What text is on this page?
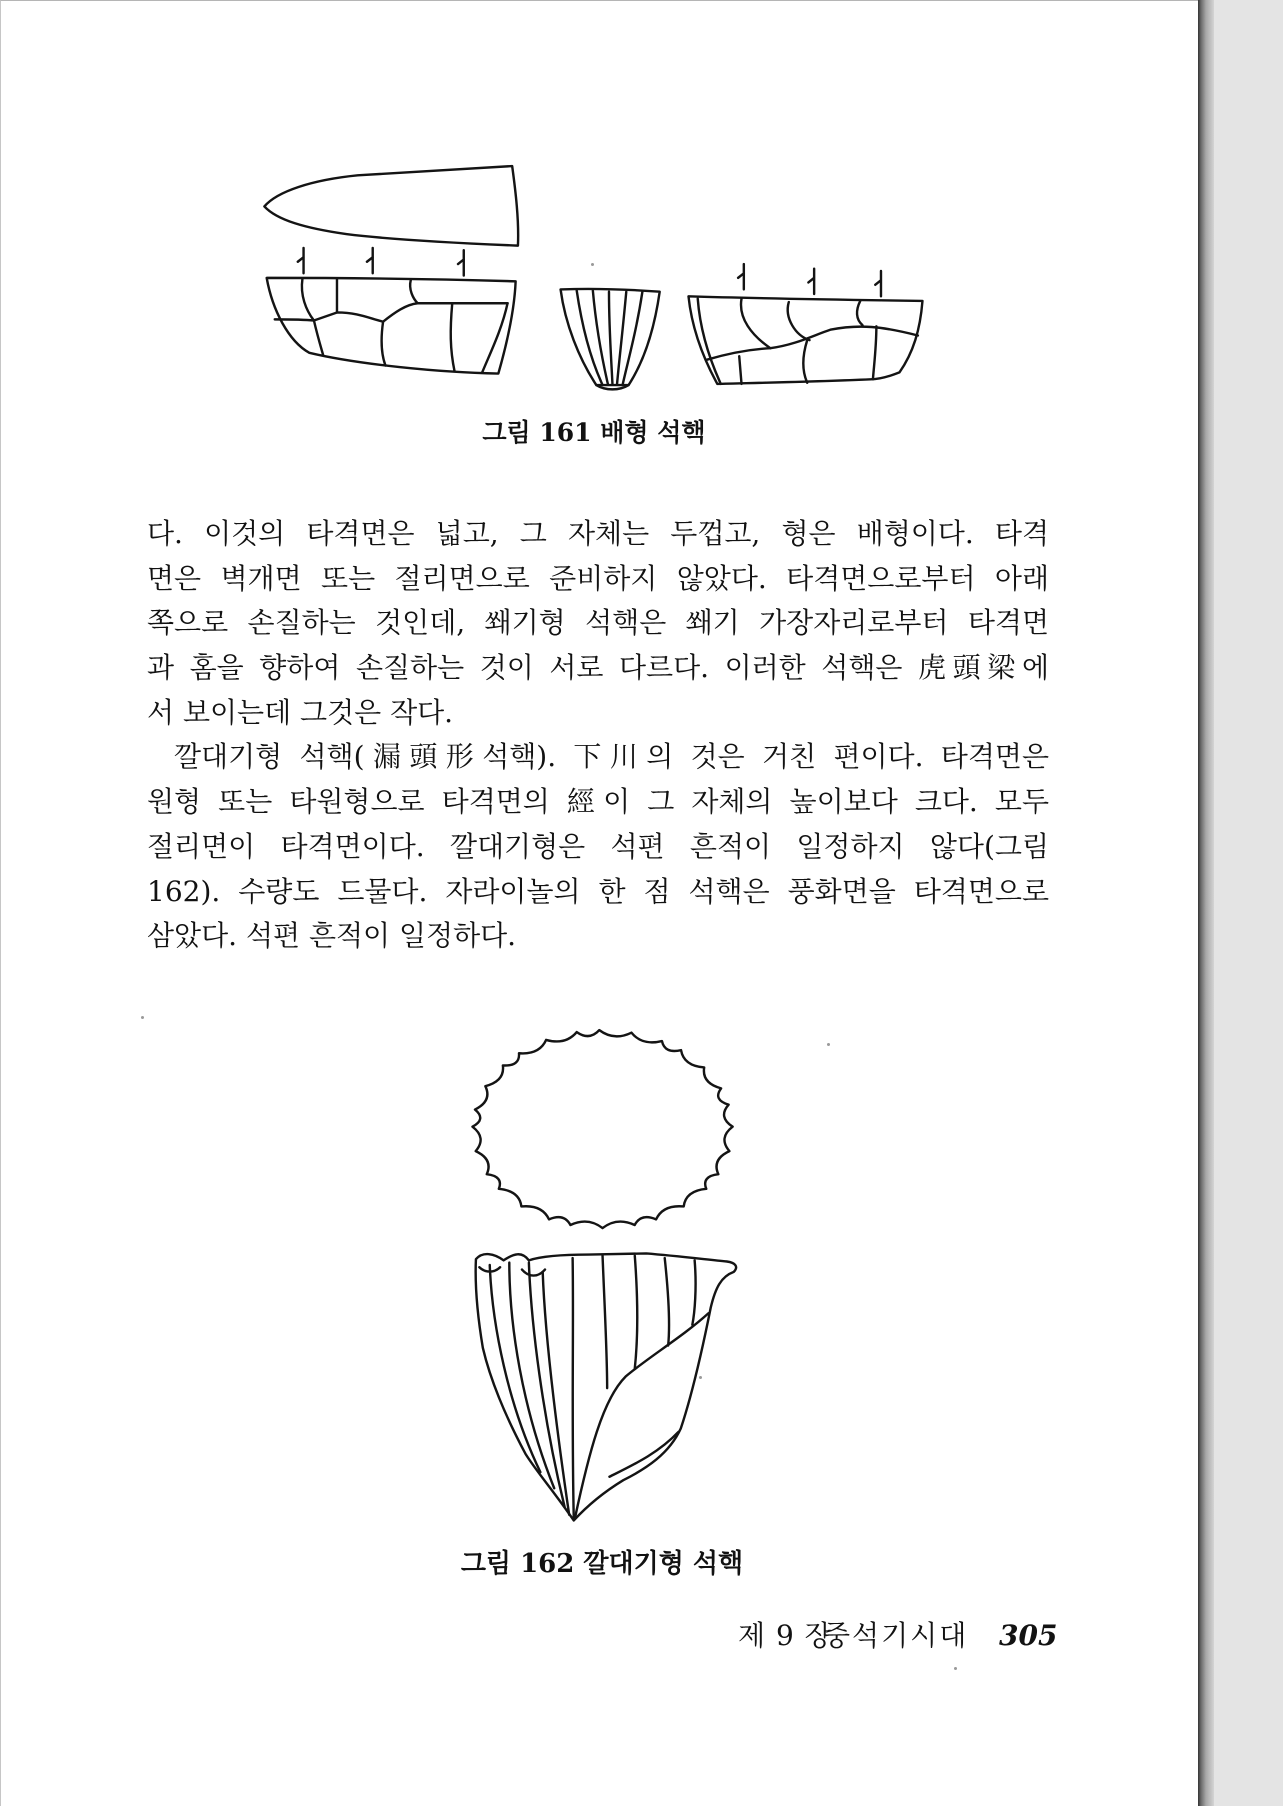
그림 161 배형 석핵
다. 이것의 타격면은 넓고, 그 자체는 두껍고, 형은 배형이다. 타격
면은 벽개면 또는 절리면으로 준비하지 않았다. 타격면으로부터 아래
쪽으로 손질하는 것인데, 쐐기형 석핵은 쐐기 가장자리로부터 타격면
과 홈을 향하여 손질하는 것이 서로 다르다. 이러한 석핵은 虎頭梁에
서 보이는데 그것은 작다.
깔대기형 석핵(漏頭形석핵). 下川의 것은 거친 편이다. 타격면은
원형 또는 타원형으로 타격면의 經이 그 자체의 높이보다 크다. 모두
절리면이 타격면이다. 깔대기형은 석편 흔적이 일정하지 않다(그림
162). 수량도 드물다. 자라이놀의 한 점 석핵은 풍화면을 타격면으로
삼았다. 석편 흔적이 일정하다.
그림 162 깔대기형 석핵
제 9 장
중석기시대 305
